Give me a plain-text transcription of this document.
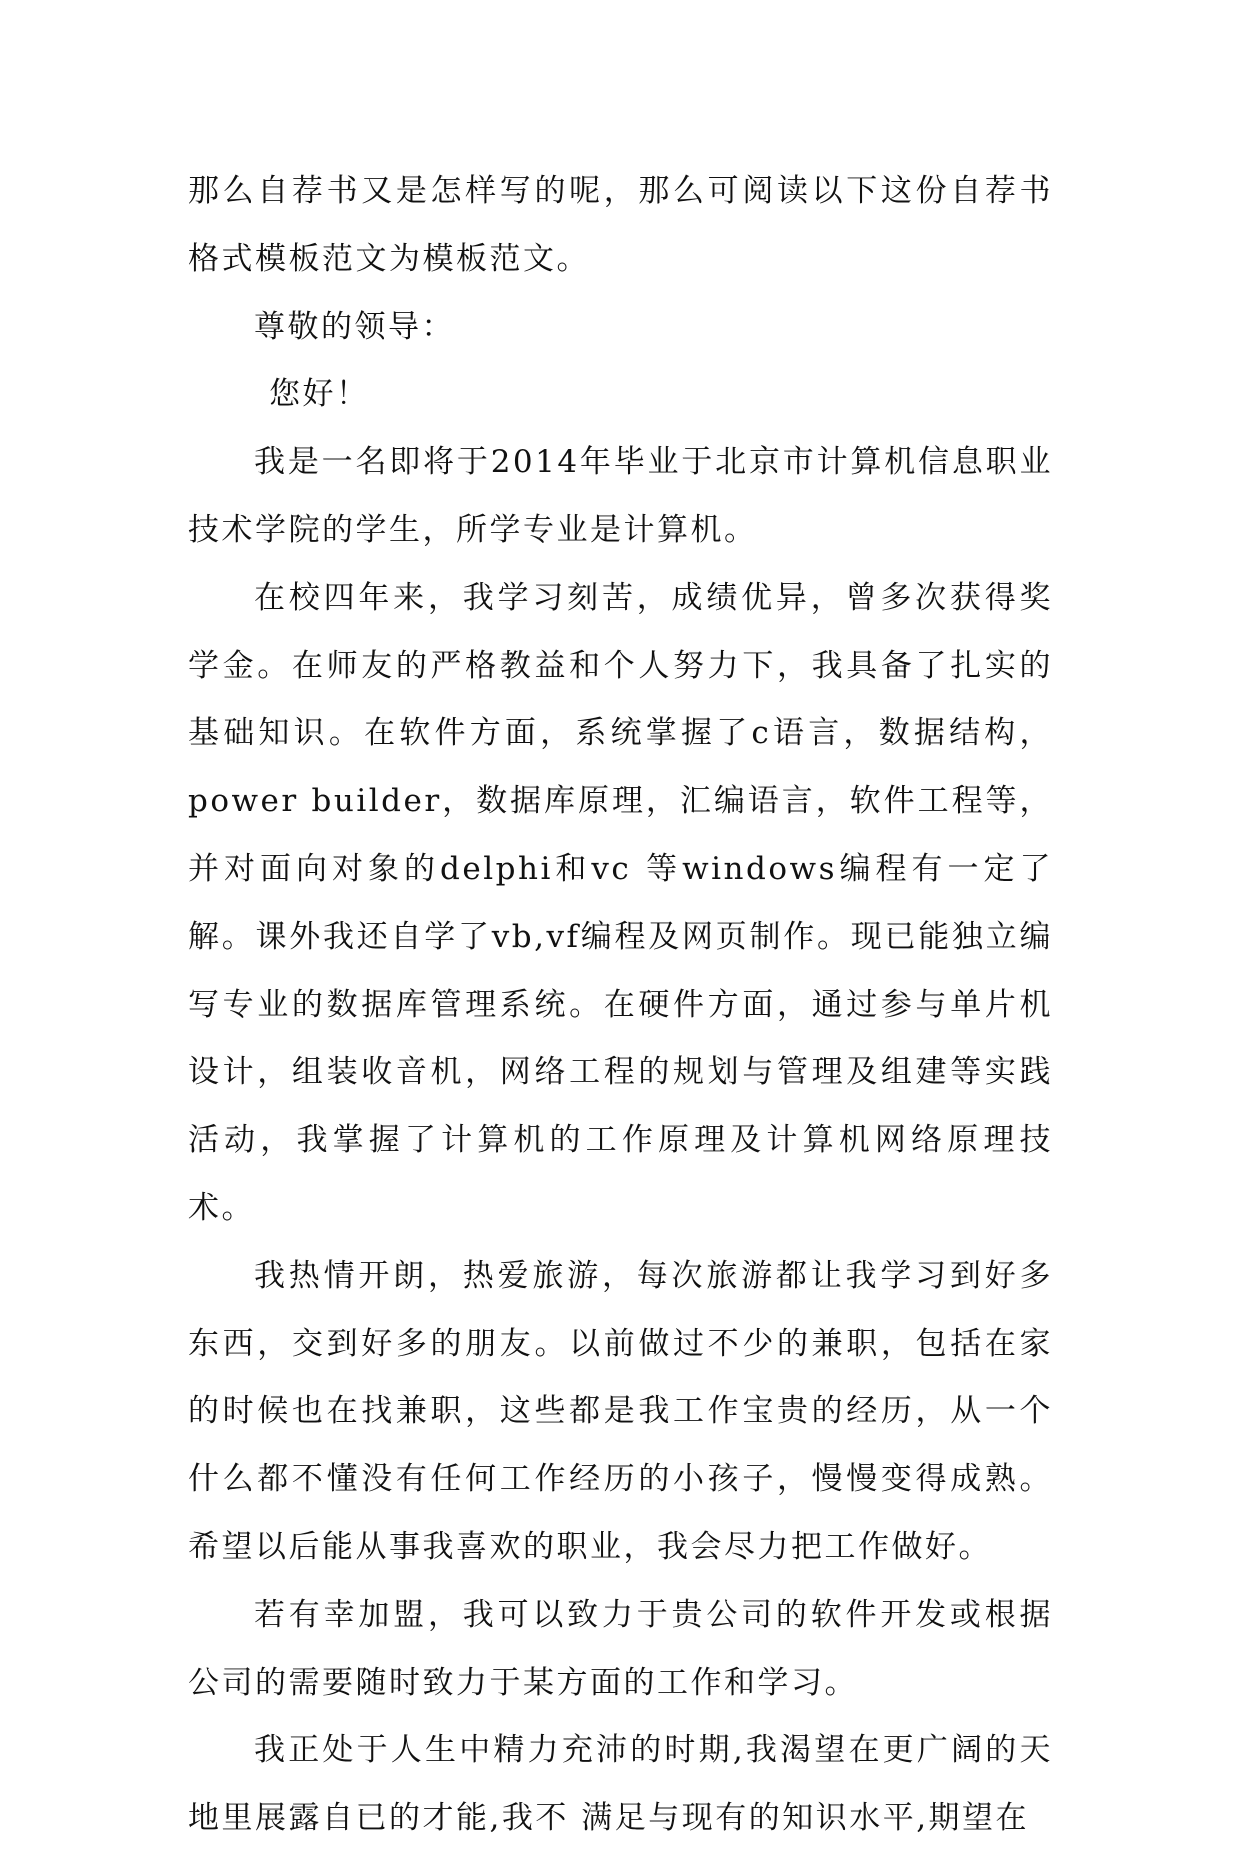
那么自荐书又是怎样写的呢，那么可阅读以下这份自荐书格式模板范文为模板范文。

尊敬的领导：

您好！

我是一名即将于2014年毕业于北京市计算机信息职业技术学院的学生，所学专业是计算机。

在校四年来，我学习刻苦，成绩优异，曾多次获得奖学金。在师友的严格教益和个人努力下，我具备了扎实的基础知识。在软件方面，系统掌握了c语言，数据结构，power builder，数据库原理，汇编语言，软件工程等，并对面向对象的delphi和vc 等windows编程有一定了解。课外我还自学了vb,vf编程及网页制作。现已能独立编写专业的数据库管理系统。在硬件方面，通过参与单片机设计，组装收音机，网络工程的规划与管理及组建等实践活动，我掌握了计算机的工作原理及计算机网络原理技术。

我热情开朗，热爱旅游，每次旅游都让我学习到好多东西，交到好多的朋友。以前做过不少的兼职，包括在家的时候也在找兼职，这些都是我工作宝贵的经历，从一个什么都不懂没有任何工作经历的小孩子，慢慢变得成熟。希望以后能从事我喜欢的职业，我会尽力把工作做好。

若有幸加盟，我可以致力于贵公司的软件开发或根据公司的需要随时致力于某方面的工作和学习。

我正处于人生中精力充沛的时期,我渴望在更广阔的天地里展露自已的才能,我不 满足与现有的知识水平,期望在
